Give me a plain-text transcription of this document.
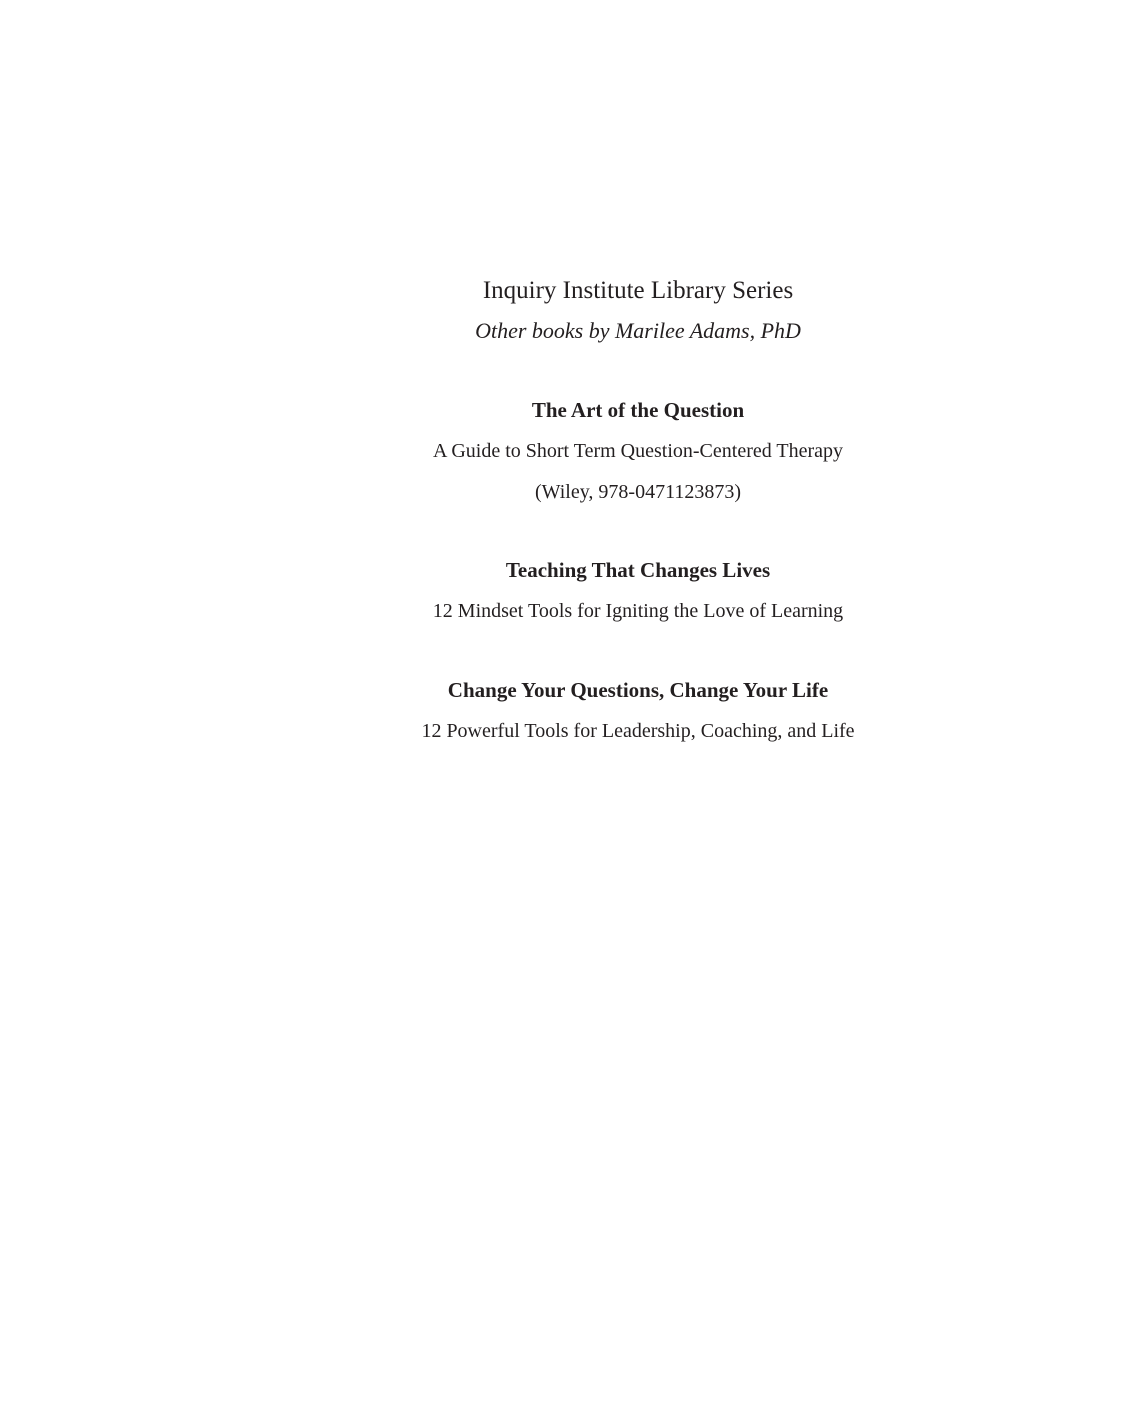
Inquiry Institute Library Series
Other books by Marilee Adams, PhD
The Art of the Question
A Guide to Short Term Question-Centered Therapy
(Wiley, 978-0471123873)
Teaching That Changes Lives
12 Mindset Tools for Igniting the Love of Learning
Change Your Questions, Change Your Life
12 Powerful Tools for Leadership, Coaching, and Life
